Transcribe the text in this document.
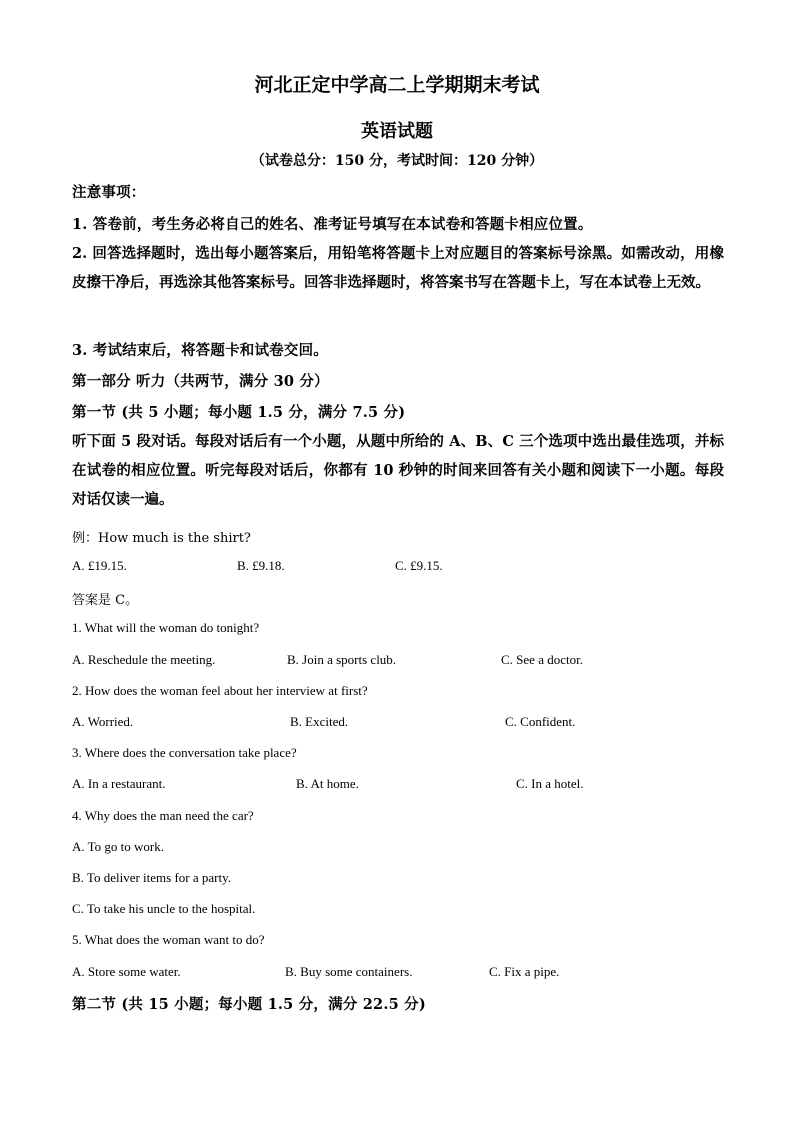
河北正定中学高二上学期期末考试
英语试题
（试卷总分：150 分，考试时间：120 分钟）
注意事项：
1. 答卷前，考生务必将自己的姓名、准考证号填写在本试卷和答题卡相应位置。
2. 回答选择题时，选出每小题答案后，用铅笔将答题卡上对应题目的答案标号涂黑。如需改动，用橡皮擦干净后，再选涂其他答案标号。回答非选择题时，将答案书写在答题卡上，写在本试卷上无效。
3. 考试结束后，将答题卡和试卷交回。
第一部分 听力（共两节，满分 30 分）
第一节 (共 5 小题；每小题 1.5 分，满分 7.5 分)
听下面 5 段对话。每段对话后有一个小题，从题中所给的 A、B、C 三个选项中选出最佳选项，并标在试卷的相应位置。听完每段对话后，你都有 10 秒钟的时间来回答有关小题和阅读下一小题。每段对话仅读一遍。
例：How much is the shirt?
A. £19.15.	B. £9.18.	C. £9.15.
答案是 C。
1. What will the woman do tonight?
A. Reschedule the meeting.	B. Join a sports club.	C. See a doctor.
2. How does the woman feel about her interview at first?
A. Worried.	B. Excited.	C. Confident.
3. Where does the conversation take place?
A. In a restaurant.	B. At home.	C. In a hotel.
4. Why does the man need the car?
A. To go to work.
B. To deliver items for a party.
C. To take his uncle to the hospital.
5. What does the woman want to do?
A. Store some water.	B. Buy some containers.	C. Fix a pipe.
第二节 (共 15 小题；每小题 1.5 分，满分 22.5 分)
